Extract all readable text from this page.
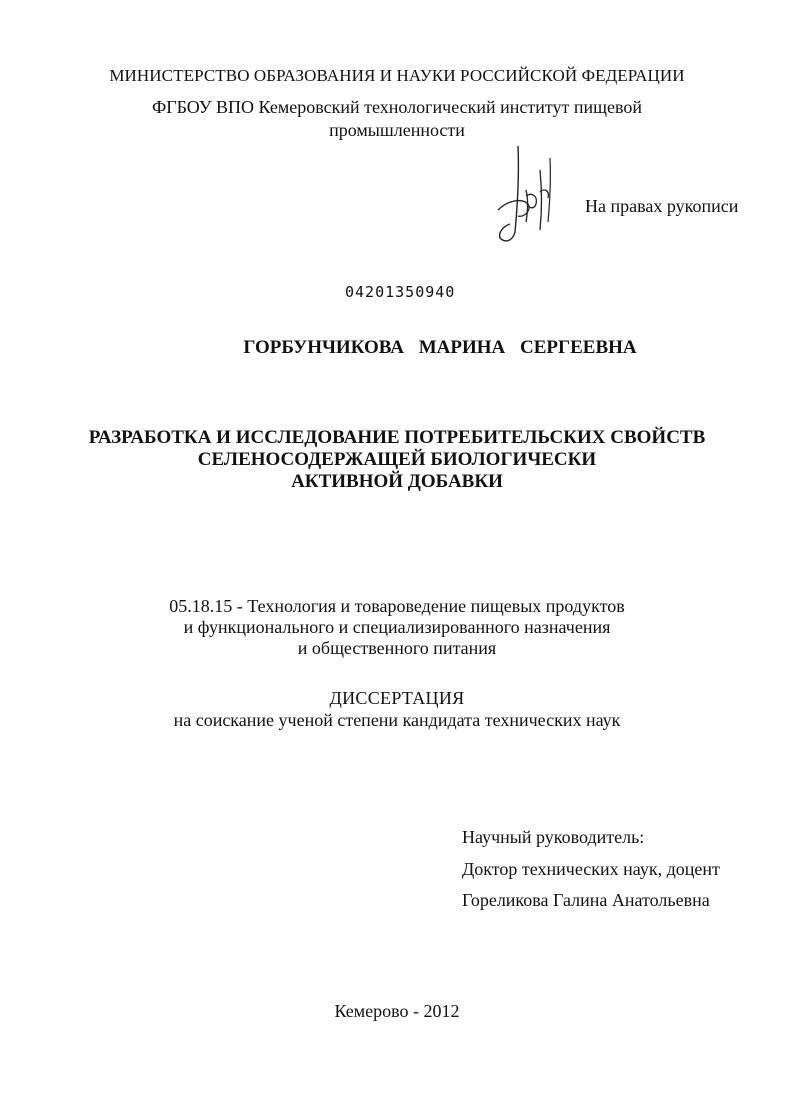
МИНИСТЕРСТВО ОБРАЗОВАНИЯ И НАУКИ РОССИЙСКОЙ ФЕДЕРАЦИИ

ФГБОУ ВПО Кемеровский технологический институт пищевой

промышленности

На правах рукописи

04201350940

ГОРБУНЧИКОВА МАРИНА СЕРГЕЕВНА

РАЗРАБОТКА И ИССЛЕДОВАНИЕ ПОТРЕБИТЕЛЬСКИХ СВОЙСТВ
СЕЛЕНОСОДЕРЖАЩЕЙ БИОЛОГИЧЕСКИ
АКТИВНОЙ ДОБАВКИ
05.18.15 - Технология и товароведение пищевых продуктов
и функционального и специализированного назначения
и общественного питания

ДИССЕРТАЦИЯ

на соискание ученой степени кандидата технических наук

Научный руководитель:

Доктор технических наук, доцент

Гореликова Галина Анатольевна

Кемерово - 2012
